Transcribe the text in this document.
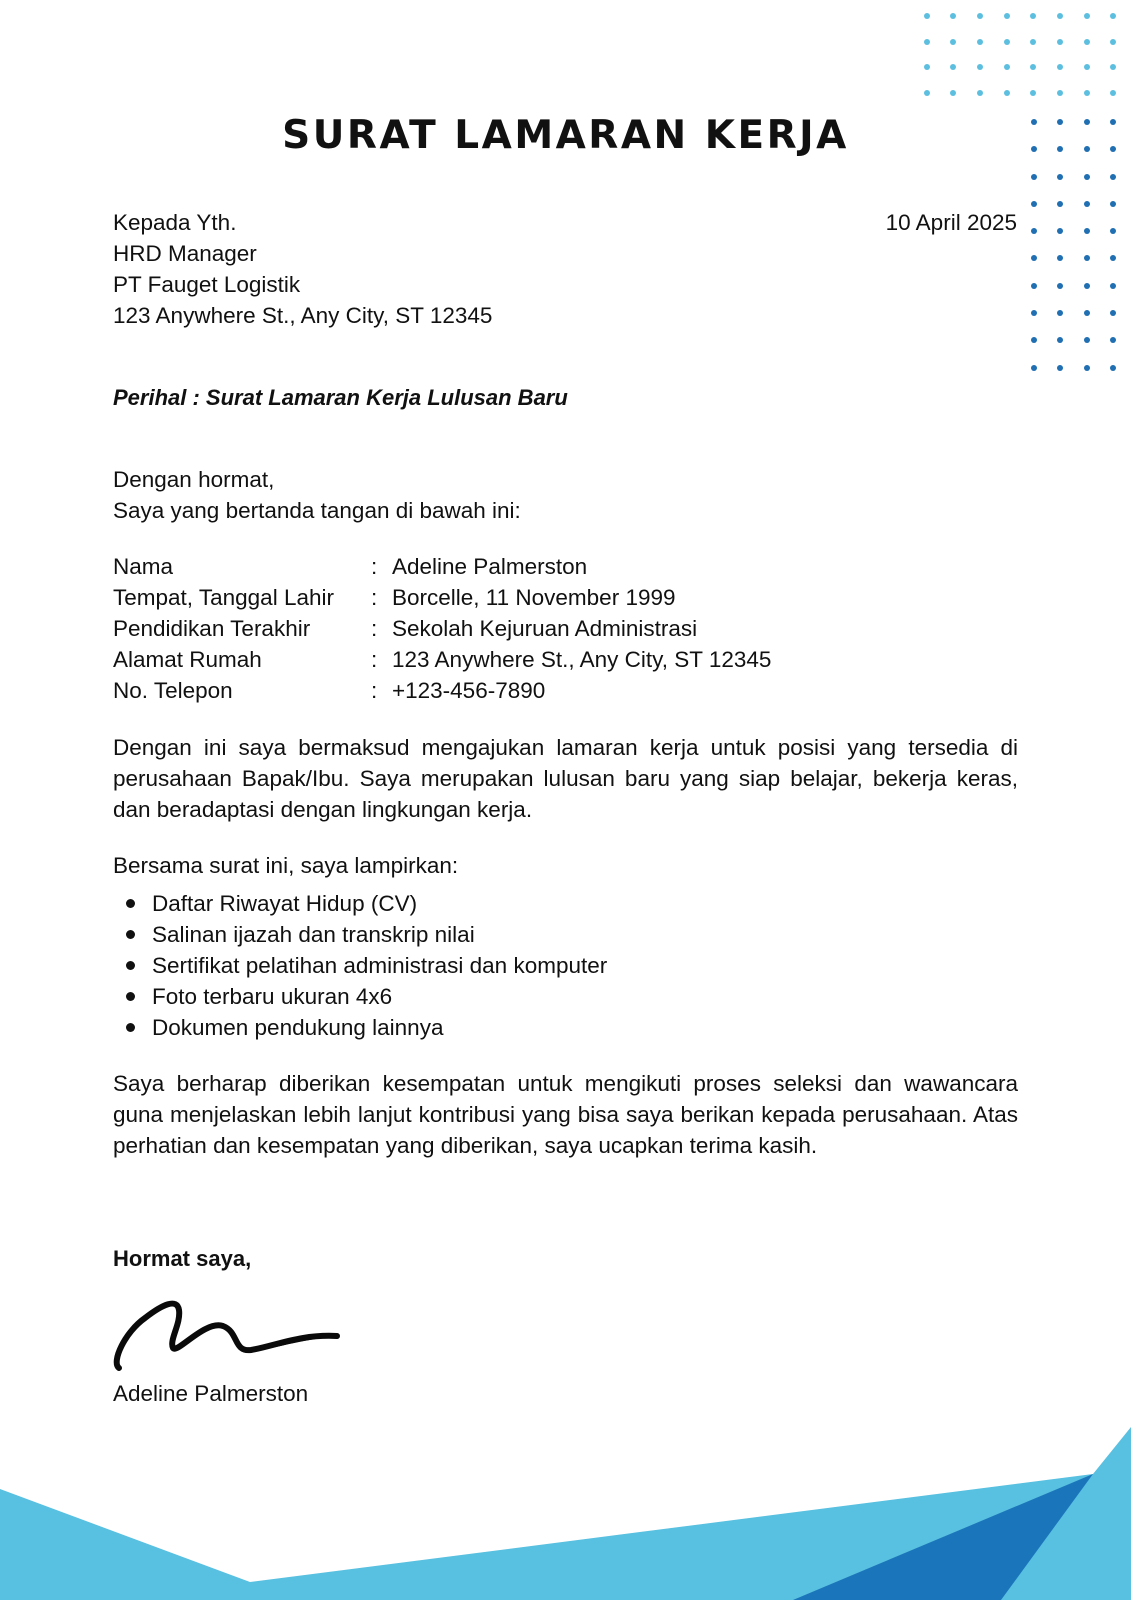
SURAT LAMARAN KERJA
Kepada Yth.
HRD Manager
PT Fauget Logistik
123 Anywhere St., Any City, ST 12345
10 April 2025
Perihal : Surat Lamaran Kerja Lulusan Baru
Dengan hormat,
Saya yang bertanda tangan di bawah ini:
Nama	: Adeline Palmerston
Tempat, Tanggal Lahir : Borcelle, 11 November 1999
Pendidikan Terakhir	: Sekolah Kejuruan Administrasi
Alamat Rumah	: 123 Anywhere St., Any City, ST 12345
No. Telepon	: +123-456-7890

Dengan ini saya bermaksud mengajukan lamaran kerja untuk posisi yang tersedia di perusahaan Bapak/Ibu. Saya merupakan lulusan baru yang siap belajar, bekerja keras, dan beradaptasi dengan lingkungan kerja.

Bersama surat ini, saya lampirkan:
Daftar Riwayat Hidup (CV)
Salinan ijazah dan transkrip nilai
Sertifikat pelatihan administrasi dan komputer
Foto terbaru ukuran 4x6
Dokumen pendukung lainnya

Saya berharap diberikan kesempatan untuk mengikuti proses seleksi dan wawancara guna menjelaskan lebih lanjut kontribusi yang bisa saya berikan kepada perusahaan. Atas perhatian dan kesempatan yang diberikan, saya ucapkan terima kasih.

Hormat saya,
Adeline Palmerston
